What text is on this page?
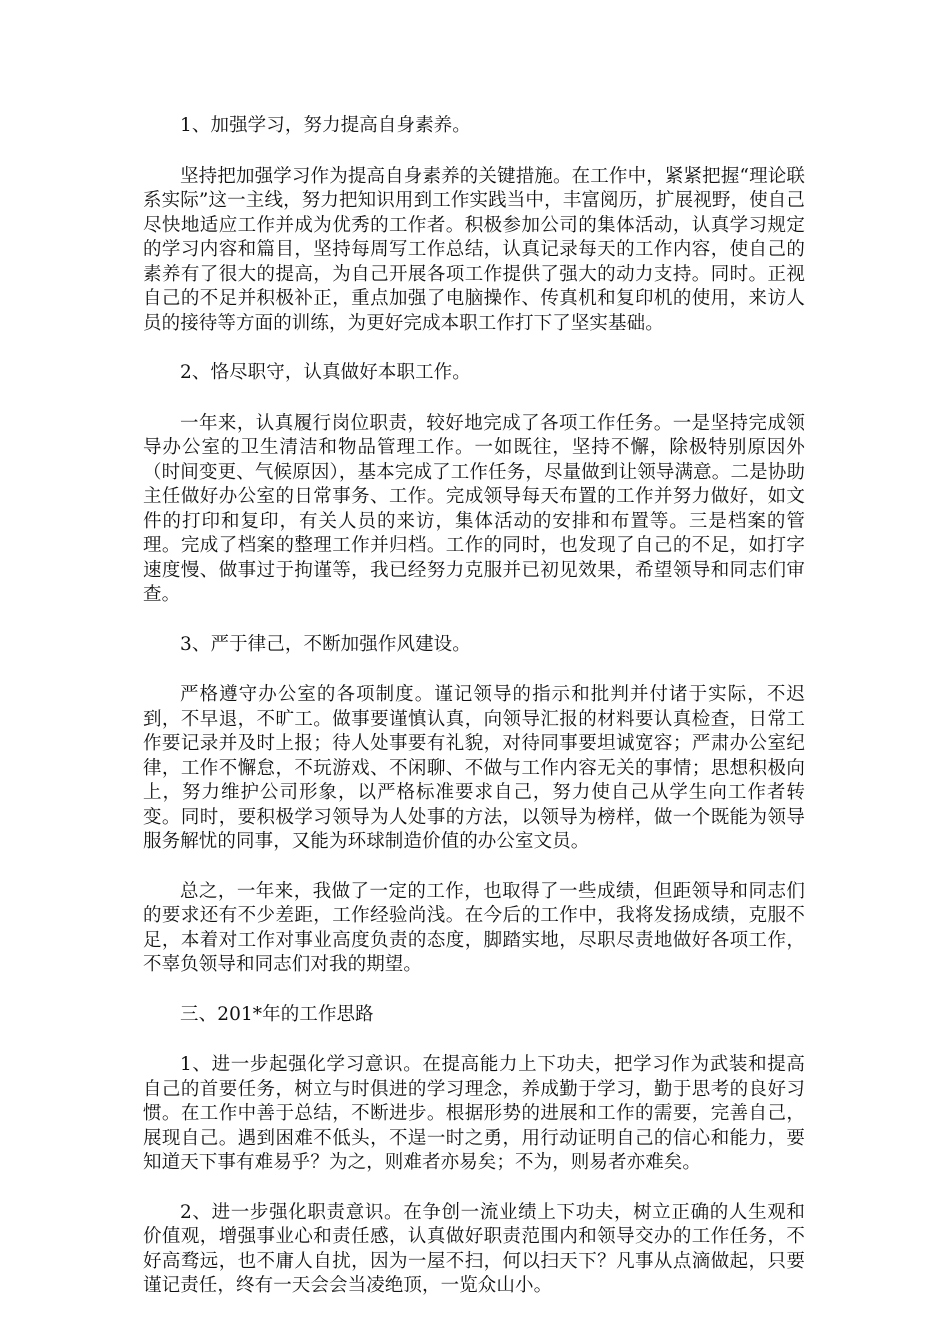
1、加强学习，努力提高自身素养。

坚持把加强学习作为提高自身素养的关键措施。在工作中，紧紧把握“理论联系实际”这一主线，努力把知识用到工作实践当中，丰富阅历，扩展视野，使自己尽快地适应工作并成为优秀的工作者。积极参加公司的集体活动，认真学习规定的学习内容和篇目，坚持每周写工作总结，认真记录每天的工作内容，使自己的素养有了很大的提高，为自己开展各项工作提供了强大的动力支持。同时。正视自己的不足并积极补正，重点加强了电脑操作、传真机和复印机的使用，来访人员的接待等方面的训练，为更好完成本职工作打下了坚实基础。

2、恪尽职守，认真做好本职工作。

一年来，认真履行岗位职责，较好地完成了各项工作任务。一是坚持完成领导办公室的卫生清洁和物品管理工作。一如既往，坚持不懈，除极特别原因外（时间变更、气候原因），基本完成了工作任务，尽量做到让领导满意。二是协助主任做好办公室的日常事务、工作。完成领导每天布置的工作并努力做好，如文件的打印和复印，有关人员的来访，集体活动的安排和布置等。三是档案的管理。完成了档案的整理工作并归档。工作的同时，也发现了自己的不足，如打字速度慢、做事过于拘谨等，我已经努力克服并已初见效果，希望领导和同志们审查。

3、严于律己，不断加强作风建设。

严格遵守办公室的各项制度。谨记领导的指示和批判并付诸于实际，不迟到，不早退，不旷工。做事要谨慎认真，向领导汇报的材料要认真检查，日常工作要记录并及时上报；待人处事要有礼貌，对待同事要坦诚宽容；严肃办公室纪律，工作不懈怠，不玩游戏、不闲聊、不做与工作内容无关的事情；思想积极向上，努力维护公司形象，以严格标准要求自己，努力使自己从学生向工作者转变。同时，要积极学习领导为人处事的方法，以领导为榜样，做一个既能为领导服务解忧的同事，又能为环球制造价值的办公室文员。

总之，一年来，我做了一定的工作，也取得了一些成绩，但距领导和同志们的要求还有不少差距，工作经验尚浅。在今后的工作中，我将发扬成绩，克服不足，本着对工作对事业高度负责的态度，脚踏实地，尽职尽责地做好各项工作，不辜负领导和同志们对我的期望。

三、201*年的工作思路

1、进一步起强化学习意识。在提高能力上下功夫，把学习作为武装和提高自己的首要任务，树立与时俱进的学习理念，养成勤于学习，勤于思考的良好习惯。在工作中善于总结，不断进步。根据形势的进展和工作的需要，完善自己，展现自己。遇到困难不低头，不逞一时之勇，用行动证明自己的信心和能力，要知道天下事有难易乎？为之，则难者亦易矣；不为，则易者亦难矣。

2、进一步强化职责意识。在争创一流业绩上下功夫，树立正确的人生观和价值观，增强事业心和责任感，认真做好职责范围内和领导交办的工作任务，不好高骛远，也不庸人自扰，因为一屋不扫，何以扫天下？凡事从点滴做起，只要谨记责任，终有一天会会当凌绝顶，一览众山小。
